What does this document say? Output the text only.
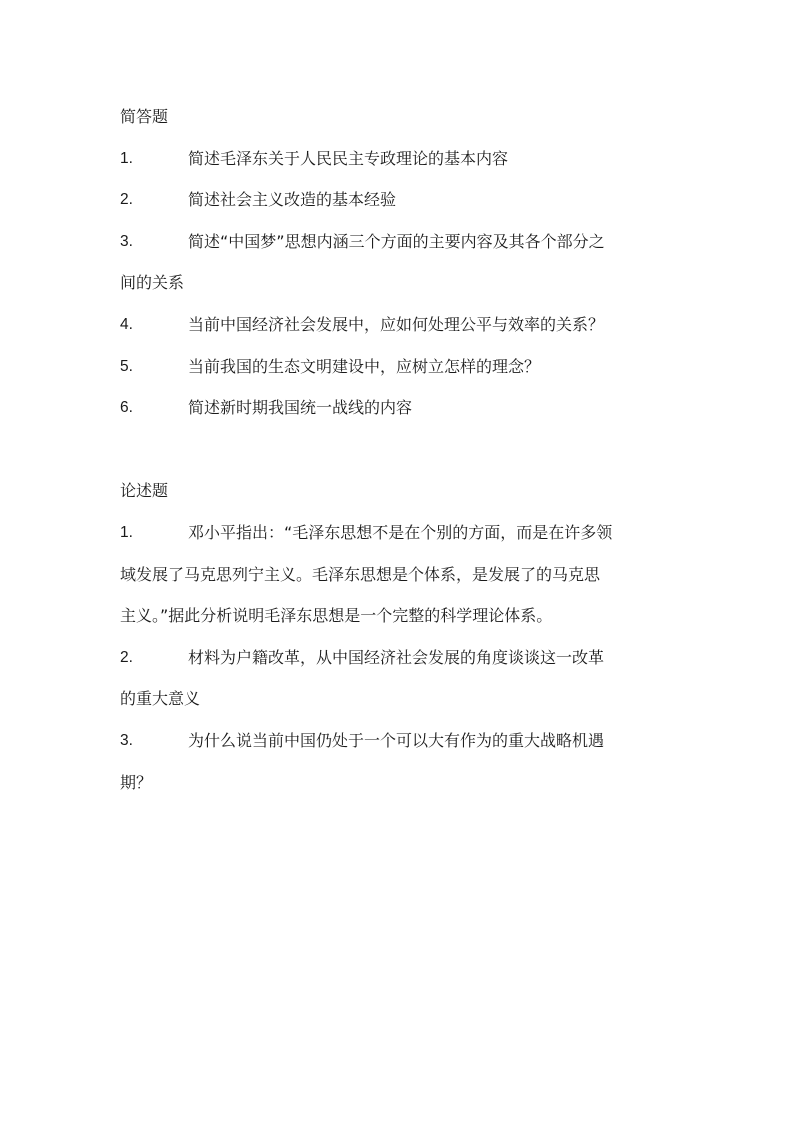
简答题
1.	简述毛泽东关于人民民主专政理论的基本内容
2.	简述社会主义改造的基本经验
3.	简述“中国梦”思想内涵三个方面的主要内容及其各个部分之
间的关系
4.	当前中国经济社会发展中，应如何处理公平与效率的关系？
5.	当前我国的生态文明建设中，应树立怎样的理念？
6.	简述新时期我国统一战线的内容
论述题
1.	邓小平指出：“毛泽东思想不是在个别的方面，而是在许多领
域发展了马克思列宁主义。毛泽东思想是个体系，是发展了的马克思
主义。”据此分析说明毛泽东思想是一个完整的科学理论体系。
2.	材料为户籍改革，从中国经济社会发展的角度谈谈这一改革
的重大意义
3.	为什么说当前中国仍处于一个可以大有作为的重大战略机遇
期？
